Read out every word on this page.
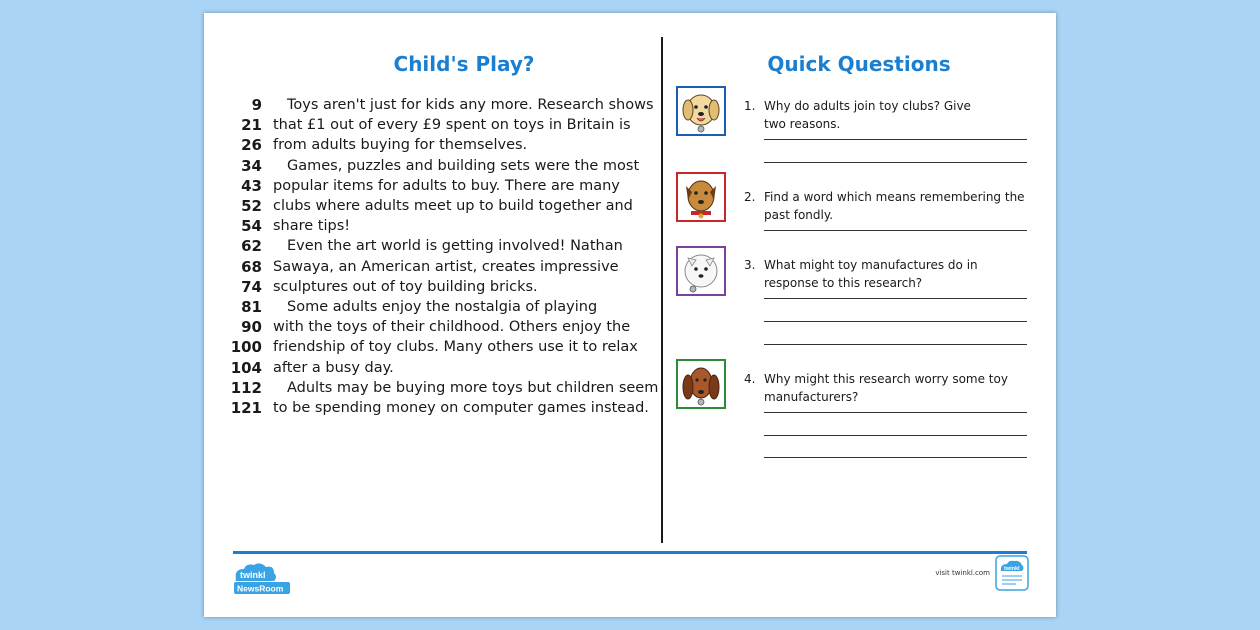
Child's Play?	Quick Questions
9 Toys aren't just for kids any more. Research shows
21 that £1 out of every £9 spent on toys in Britain is
26 from adults buying for themselves.
34 Games, puzzles and building sets were the most
43 popular items for adults to buy. There are many
52 clubs where adults meet up to build together and
54 share tips!
62 Even the art world is getting involved! Nathan
68 Sawaya, an American artist, creates impressive
74 sculptures out of toy building bricks.
81 Some adults enjoy the nostalgia of playing
90 with the toys of their childhood. Others enjoy the
100 friendship of toy clubs. Many others use it to relax
104 after a busy day.
112 Adults may be buying more toys but children seem
121 to be spending money on computer games instead.
1. Why do adults join toy clubs? Give two reasons.
2. Find a word which means remembering the past fondly.
3. What might toy manufactures do in response to this research?
4. Why might this research worry some toy manufacturers?
twinkl
NewsRoom
visit twinkl.com	twinkl
